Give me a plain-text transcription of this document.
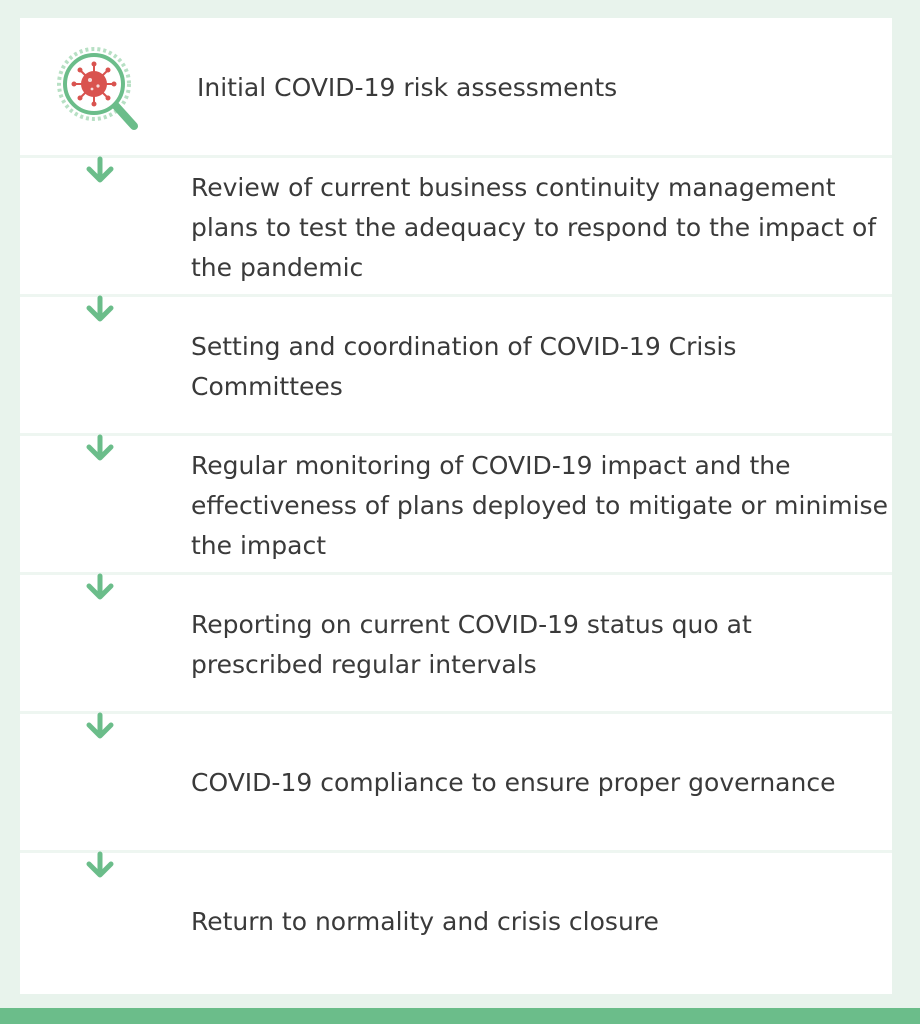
Initial COVID-19 risk assessments
Review of current business continuity management plans to test the adequacy to respond to the impact of the pandemic
Setting and coordination of COVID-19 Crisis Committees
Regular monitoring of COVID-19 impact and the effectiveness of plans deployed to mitigate or minimise the impact
Reporting on current COVID-19 status quo at prescribed regular intervals
COVID-19 compliance to ensure proper governance
Return to normality and crisis closure
